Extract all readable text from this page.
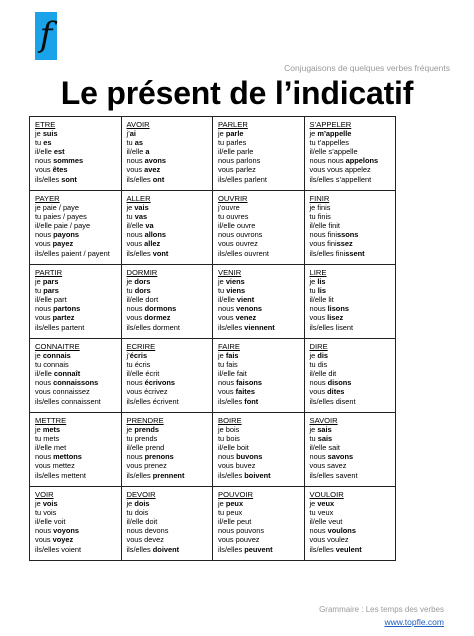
f
Conjugaisons de quelques verbes fréquents
Le présent de l’indicatif
ETRE
je suis
tu es
il/elle est
nous sommes
vous êtes
ils/elles sont
AVOIR
j’ai
tu as
il/elle a
nous avons
vous avez
ils/elles ont
PARLER
je parle
tu parles
il/elle parle
nous parlons
vous parlez
ils/elles parlent
S’APPELER
je m’appelle
tu t’appelles
il/elle s’appelle
nous nous appelons
vous vous appelez
ils/elles s’appellent
PAYER
je paie / paye
tu paies / payes
il/elle paie / paye
nous payons
vous payez
ils/elles paient / payent
ALLER
je vais
tu vas
il/elle va
nous allons
vous allez
ils/elles vont
OUVRIR
j’ouvre
tu ouvres
il/elle ouvre
nous ouvrons
vous ouvrez
ils/elles ouvrent
FINIR
je finis
tu finis
il/elle finit
nous finissons
vous finissez
ils/elles finissent
PARTIR
je pars
tu pars
il/elle part
nous partons
vous partez
ils/elles partent
DORMIR
je dors
tu dors
il/elle dort
nous dormons
vous dormez
ils/elles dorment
VENIR
je viens
tu viens
il/elle vient
nous venons
vous venez
ils/elles viennent
LIRE
je lis
tu lis
il/elle lit
nous lisons
vous lisez
ils/elles lisent
CONNAITRE
je connais
tu connais
il/elle connaît
nous connaissons
vous connaissez
ils/elles connaissent
ECRIRE
j’écris
tu écris
il/elle écrit
nous écrivons
vous écrivez
ils/elles écrivent
FAIRE
je fais
tu fais
il/elle fait
nous faisons
vous faites
ils/elles font
DIRE
je dis
tu dis
il/elle dit
nous disons
vous dites
ils/elles disent
METTRE
je mets
tu mets
il/elle met
nous mettons
vous mettez
ils/elles mettent
PRENDRE
je prends
tu prends
il/elle prend
nous prenons
vous prenez
ils/elles prennent
BOIRE
je bois
tu bois
il/elle boit
nous buvons
vous buvez
ils/elles boivent
SAVOIR
je sais
tu sais
il/elle sait
nous savons
vous savez
ils/elles savent
VOIR
je vois
tu vois
il/elle voit
nous voyons
vous voyez
ils/elles voient
DEVOIR
je dois
tu dois
il/elle doit
nous devons
vous devez
ils/elles doivent
POUVOIR
je peux
tu peux
il/elle peut
nous pouvons
vous pouvez
ils/elles peuvent
VOULOIR
je veux
tu veux
il/elle veut
nous voulons
vous voulez
ils/elles veulent
Grammaire : Les temps des verbes
www.topfle.com
